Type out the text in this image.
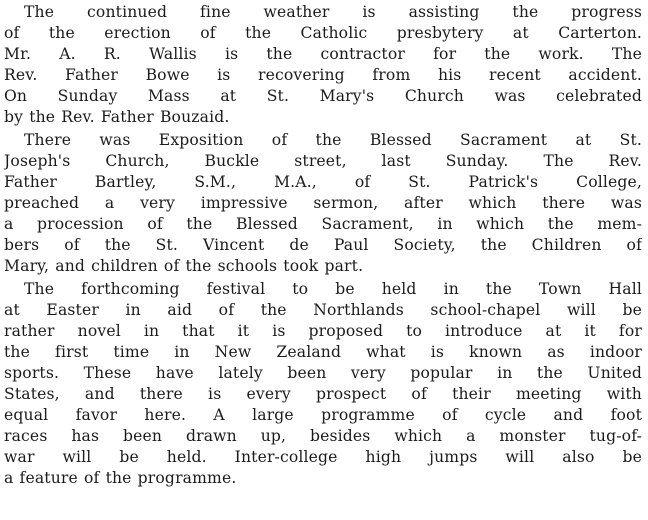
The continued fine weather is assisting the progress
of the erection of the Catholic presbytery at Carterton.
Mr. A. R. Wallis is the contractor for the work. The
Rev. Father Bowe is recovering from his recent accident.
On Sunday Mass at St. Mary's Church was celebrated
by the Rev. Father Bouzaid.
There was Exposition of the Blessed Sacrament at St.
Joseph's Church, Buckle street, last Sunday. The Rev.
Father Bartley, S.M., M.A., of St. Patrick's College,
preached a very impressive sermon, after which there was
a procession of the Blessed Sacrament, in which the mem-
bers of the St. Vincent de Paul Society, the Children of
Mary, and children of the schools took part.
The forthcoming festival to be held in the Town Hall
at Easter in aid of the Northlands school-chapel will be
rather novel in that it is proposed to introduce at it for
the first time in New Zealand what is known as indoor
sports. These have lately been very popular in the United
States, and there is every prospect of their meeting with
equal favor here. A large programme of cycle and foot
races has been drawn up, besides which a monster tug-of-
war will be held. Inter-college high jumps will also be
a feature of the programme.
